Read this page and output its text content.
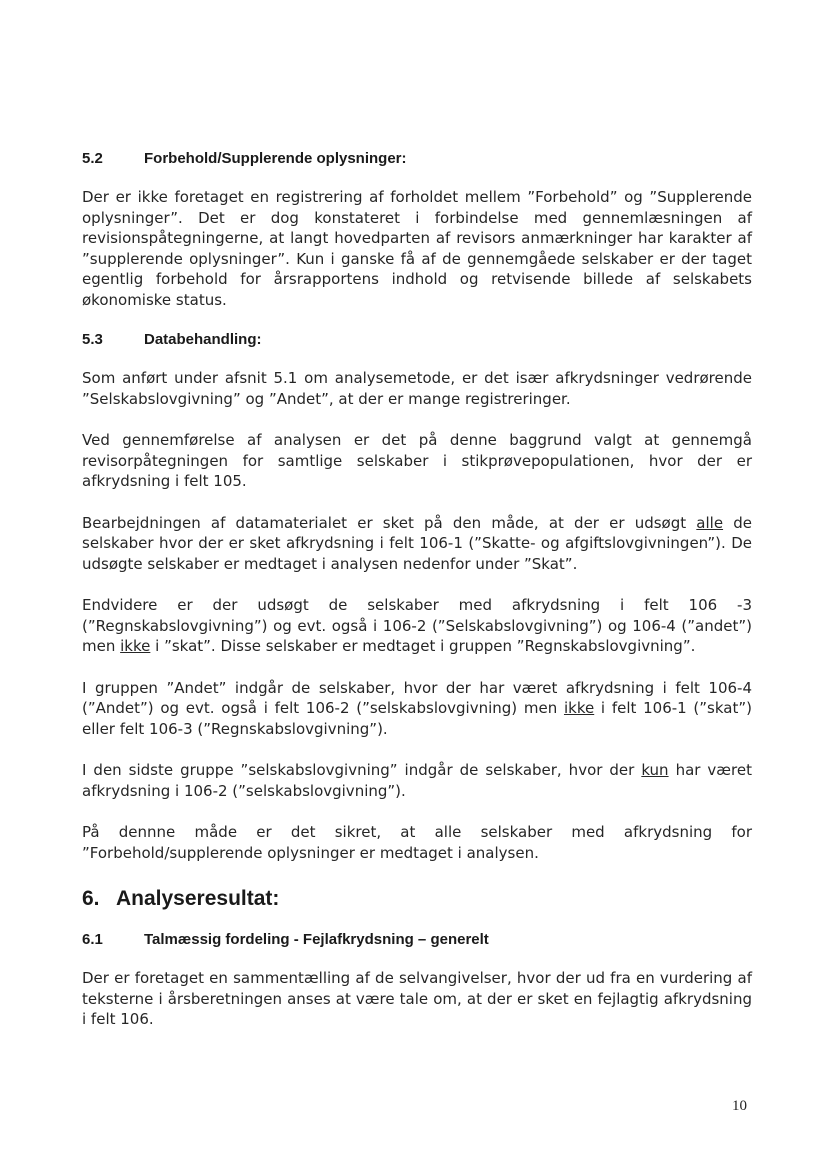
5.2	Forbehold/Supplerende oplysninger:

Der er ikke foretaget en registrering af forholdet mellem ”Forbehold” og ”Supplerende oplysninger”. Det er dog konstateret i forbindelse med gennemlæsningen af revisionspåtegningerne, at langt hovedparten af revisors anmærkninger har karakter af ”supplerende oplysninger”. Kun i ganske få af de gennemgåede selskaber er der taget egentlig forbehold for årsrapportens indhold og retvisende billede af selskabets økonomiske status.

5.3	Databehandling:

Som anført under afsnit 5.1 om analysemetode, er det især afkrydsninger vedrørende ”Selskabslovgivning” og ”Andet”, at der er mange registreringer.

Ved gennemførelse af analysen er det på denne baggrund valgt at gennemgå revisorpåtegningen for samtlige selskaber i stikprøvepopulationen, hvor der er afkrydsning i felt 105.

Bearbejdningen af datamaterialet er sket på den måde, at der er udsøgt alle de selskaber hvor der er sket afkrydsning i felt 106-1 (”Skatte- og afgiftslovgivningen”). De udsøgte selskaber er medtaget i analysen nedenfor under ”Skat”.

Endvidere er der udsøgt de selskaber med afkrydsning i felt 106 -3 (”Regnskabslovgivning”) og evt. også i 106-2 (”Selskabslovgivning”) og 106-4 (”andet”) men ikke i ”skat”. Disse selskaber er medtaget i gruppen ”Regnskabslovgivning”.

I gruppen ”Andet” indgår de selskaber, hvor der har været afkrydsning i felt 106-4 (”Andet”) og evt. også i felt 106-2 (”selskabslovgivning) men ikke i felt 106-1 (”skat”) eller felt 106-3 (”Regnskabslovgivning”).

I den sidste gruppe ”selskabslovgivning” indgår de selskaber, hvor der kun har været afkrydsning i 106-2 (”selskabslovgivning”).

På dennne måde er det sikret, at alle selskaber med afkrydsning for ”Forbehold/supplerende oplysninger er medtaget i analysen.

6. Analyseresultat:
6.1	Talmæssig fordeling - Fejlafkrydsning – generelt

Der er foretaget en sammentælling af de selvangivelser, hvor der ud fra en vurdering af teksterne i årsberetningen anses at være tale om, at der er sket en fejlagtig afkrydsning i felt 106.

10
